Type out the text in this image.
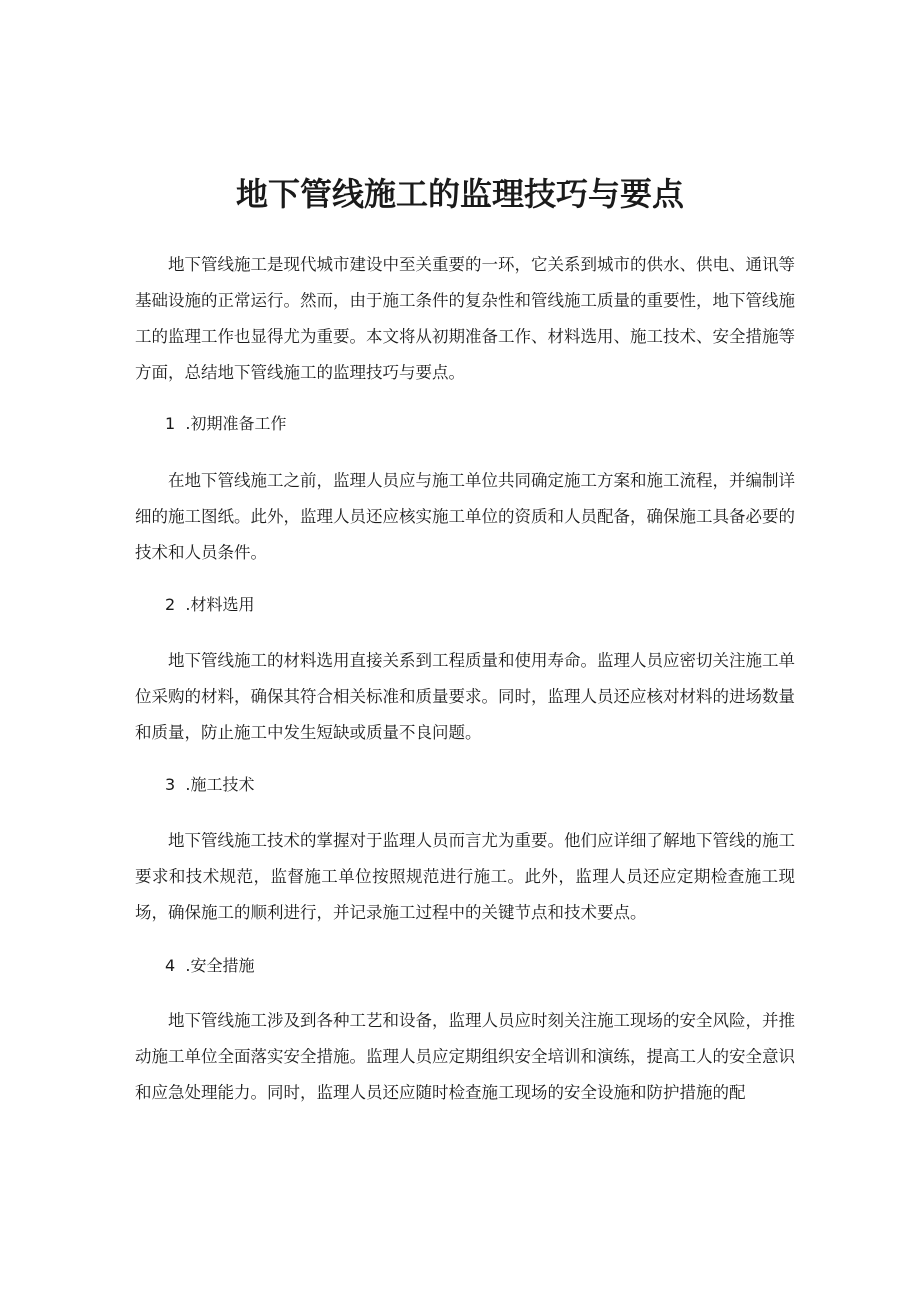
地下管线施工的监理技巧与要点

地下管线施工是现代城市建设中至关重要的一环，它关系到城市的供水、供电、通讯等基础设施的正常运行。然而，由于施工条件的复杂性和管线施工质量的重要性，地下管线施工的监理工作也显得尤为重要。本文将从初期准备工作、材料选用、施工技术、安全措施等方面，总结地下管线施工的监理技巧与要点。

1  .初期准备工作

在地下管线施工之前，监理人员应与施工单位共同确定施工方案和施工流程，并编制详细的施工图纸。此外，监理人员还应核实施工单位的资质和人员配备，确保施工具备必要的技术和人员条件。

2  .材料选用

地下管线施工的材料选用直接关系到工程质量和使用寿命。监理人员应密切关注施工单位采购的材料，确保其符合相关标准和质量要求。同时，监理人员还应核对材料的进场数量和质量，防止施工中发生短缺或质量不良问题。

3  .施工技术

地下管线施工技术的掌握对于监理人员而言尤为重要。他们应详细了解地下管线的施工要求和技术规范，监督施工单位按照规范进行施工。此外，监理人员还应定期检查施工现场，确保施工的顺利进行，并记录施工过程中的关键节点和技术要点。

4  .安全措施

地下管线施工涉及到各种工艺和设备，监理人员应时刻关注施工现场的安全风险，并推动施工单位全面落实安全措施。监理人员应定期组织安全培训和演练，提高工人的安全意识和应急处理能力。同时，监理人员还应随时检查施工现场的安全设施和防护措施的配
